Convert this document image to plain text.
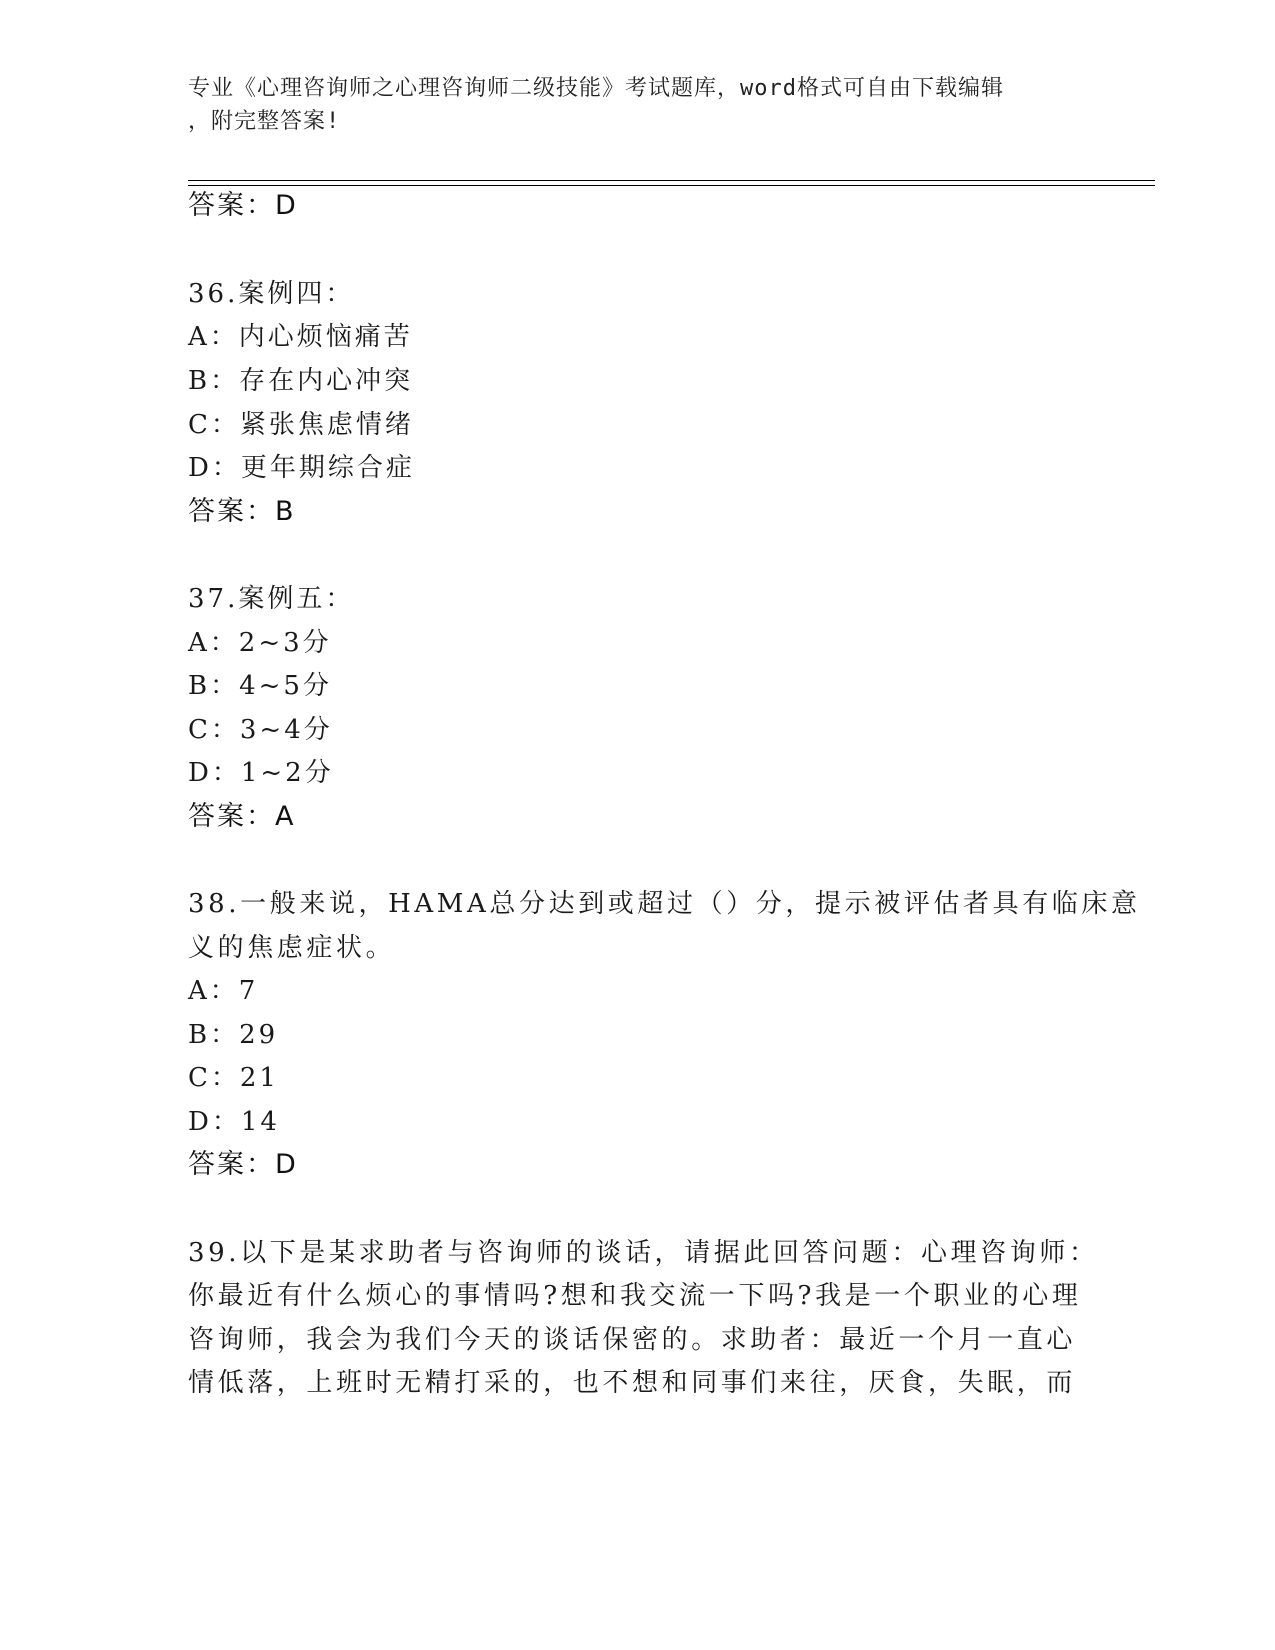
专业《心理咨询师之心理咨询师二级技能》考试题库，word格式可自由下载编辑
，附完整答案!
答案：D
36.案例四：
A：内心烦恼痛苦
B：存在内心冲突
C：紧张焦虑情绪
D：更年期综合症
答案：B
37.案例五：
A：2~3分
B：4~5分
C：3~4分
D：1~2分
答案：A
38.一般来说，HAMA总分达到或超过（）分，提示被评估者具有临床意
义的焦虑症状。
A：7
B：29
C：21
D：14
答案：D
39.以下是某求助者与咨询师的谈话，请据此回答问题：心理咨询师：
你最近有什么烦心的事情吗?想和我交流一下吗?我是一个职业的心理
咨询师，我会为我们今天的谈话保密的。求助者：最近一个月一直心
情低落，上班时无精打采的，也不想和同事们来往，厌食，失眠，而
